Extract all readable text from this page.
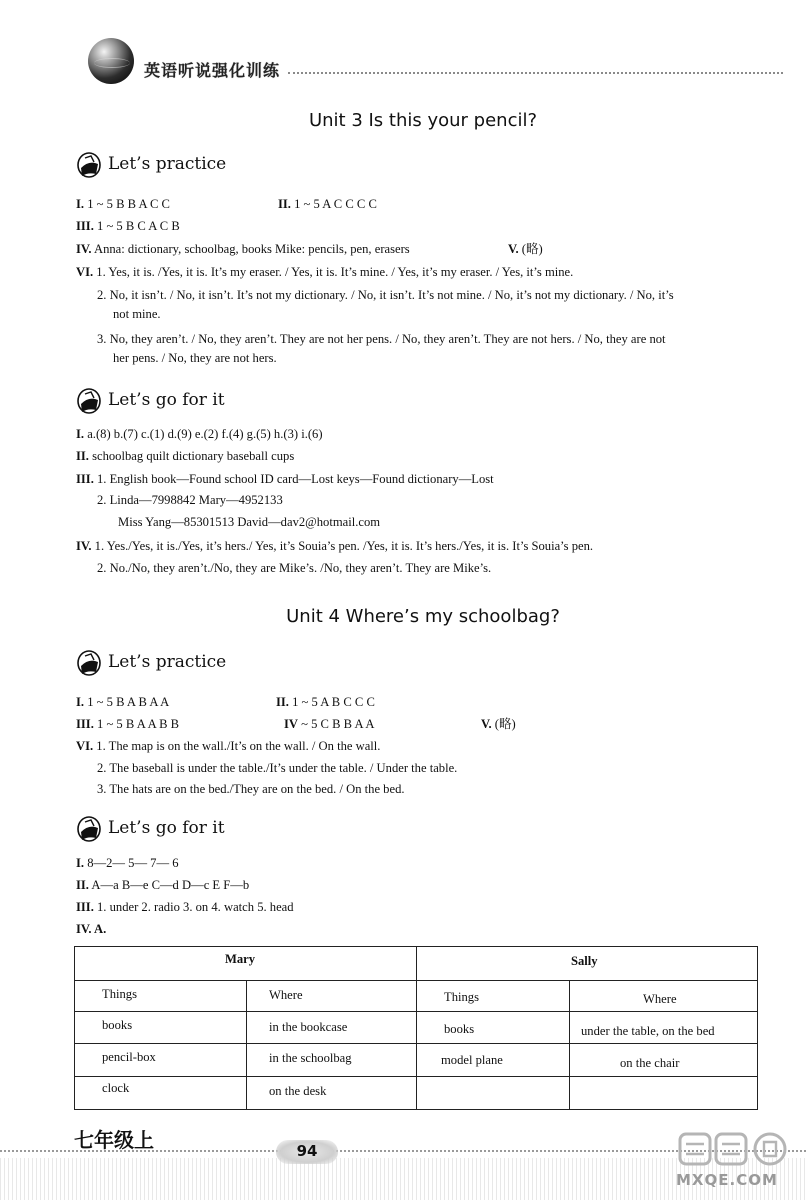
英语听说强化训练
Unit 3 Is this your pencil?
Let’s practice
I. 1 ~ 5 B B A C C	II. 1 ~ 5 A C C C C
III. 1 ~ 5 B C A C B
IV. Anna: dictionary, schoolbag, books Mike: pencils, pen, erasers	V. (略)
VI. 1. Yes, it is. /Yes, it is. It’s my eraser. / Yes, it is. It’s mine. / Yes, it’s my eraser. / Yes, it’s mine.
2. No, it isn’t. / No, it isn’t. It’s not my dictionary. / No, it isn’t. It’s not mine. / No, it’s not my dictionary. / No, it’s
not mine.
3. No, they aren’t. / No, they aren’t. They are not her pens. / No, they aren’t. They are not hers. / No, they are not
her pens. / No, they are not hers.
Let’s go for it
I. a.(8) b.(7) c.(1) d.(9) e.(2) f.(4) g.(5) h.(3) i.(6)
II. schoolbag quilt dictionary baseball cups
III. 1. English book—Found school ID card—Lost keys—Found dictionary—Lost
2. Linda—7998842 Mary—4952133
Miss Yang—85301513 David—dav2@hotmail.com
IV. 1. Yes./Yes, it is./Yes, it’s hers./ Yes, it’s Souia’s pen. /Yes, it is. It’s hers./Yes, it is. It’s Souia’s pen.
2. No./No, they aren’t./No, they are Mike’s. /No, they aren’t. They are Mike’s.
Unit 4 Where’s my schoolbag?
Let’s practice
I. 1 ~ 5 B A B A A	II. 1 ~ 5 A B C C C
III. 1 ~ 5 B A A B B	IV ~ 5 C B B A A	V. (略)
VI. 1. The map is on the wall./It’s on the wall. / On the wall.
2. The baseball is under the table./It’s under the table. / Under the table.
3. The hats are on the bed./They are on the bed. / On the bed.
Let’s go for it
I. 8—2— 5— 7— 6
II. A—a B—e C—d D—c E F—b
III. 1. under 2. radio 3. on 4. watch 5. head
IV. A.
Mary	Sally
Things	Where	Things	Where
books	in the bookcase	books	under the table, on the bed
pencil-box	in the schoolbag	model plane	on the chair
clock	on the desk
七年级上	94
MXQE.COM
